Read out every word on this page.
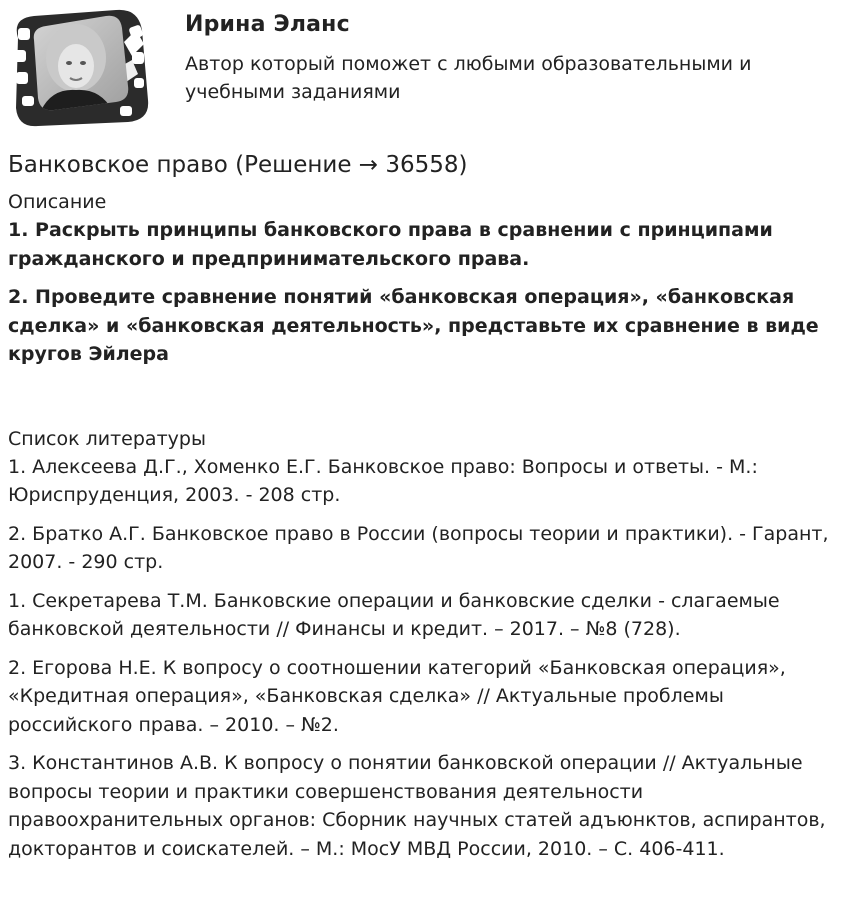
Ирина Эланс
Автор который поможет с любыми образовательными и учебными заданиями
Банковское право (Решение → 36558)

Описание

1. Раскрыть принципы банковского права в сравнении с принципами гражданского и предпринимательского права.

2. Проведите сравнение понятий «банковская операция», «банковская сделка» и «банковская деятельность», представьте их сравнение в виде кругов Эйлера

Список литературы

1. Алексеева Д.Г., Хоменко Е.Г. Банковское право: Вопросы и ответы. - М.: Юриспруденция, 2003. - 208 стр.

2. Братко А.Г. Банковское право в России (вопросы теории и практики). - Гарант, 2007. - 290 стр.

1. Секретарева Т.М. Банковские операции и банковские сделки - слагаемые банковской деятельности // Финансы и кредит. – 2017. – №8 (728).

2. Егорова Н.Е. К вопросу о соотношении категорий «Банковская операция», «Кредитная операция», «Банковская сделка» // Актуальные проблемы российского права. – 2010. – №2.

3. Константинов А.В. К вопросу о понятии банковской операции // Актуальные вопросы теории и практики совершенствования деятельности правоохранительных органов: Сборник научных статей адъюнктов, аспирантов, докторантов и соискателей. – М.: МосУ МВД России, 2010. – С. 406-411.
